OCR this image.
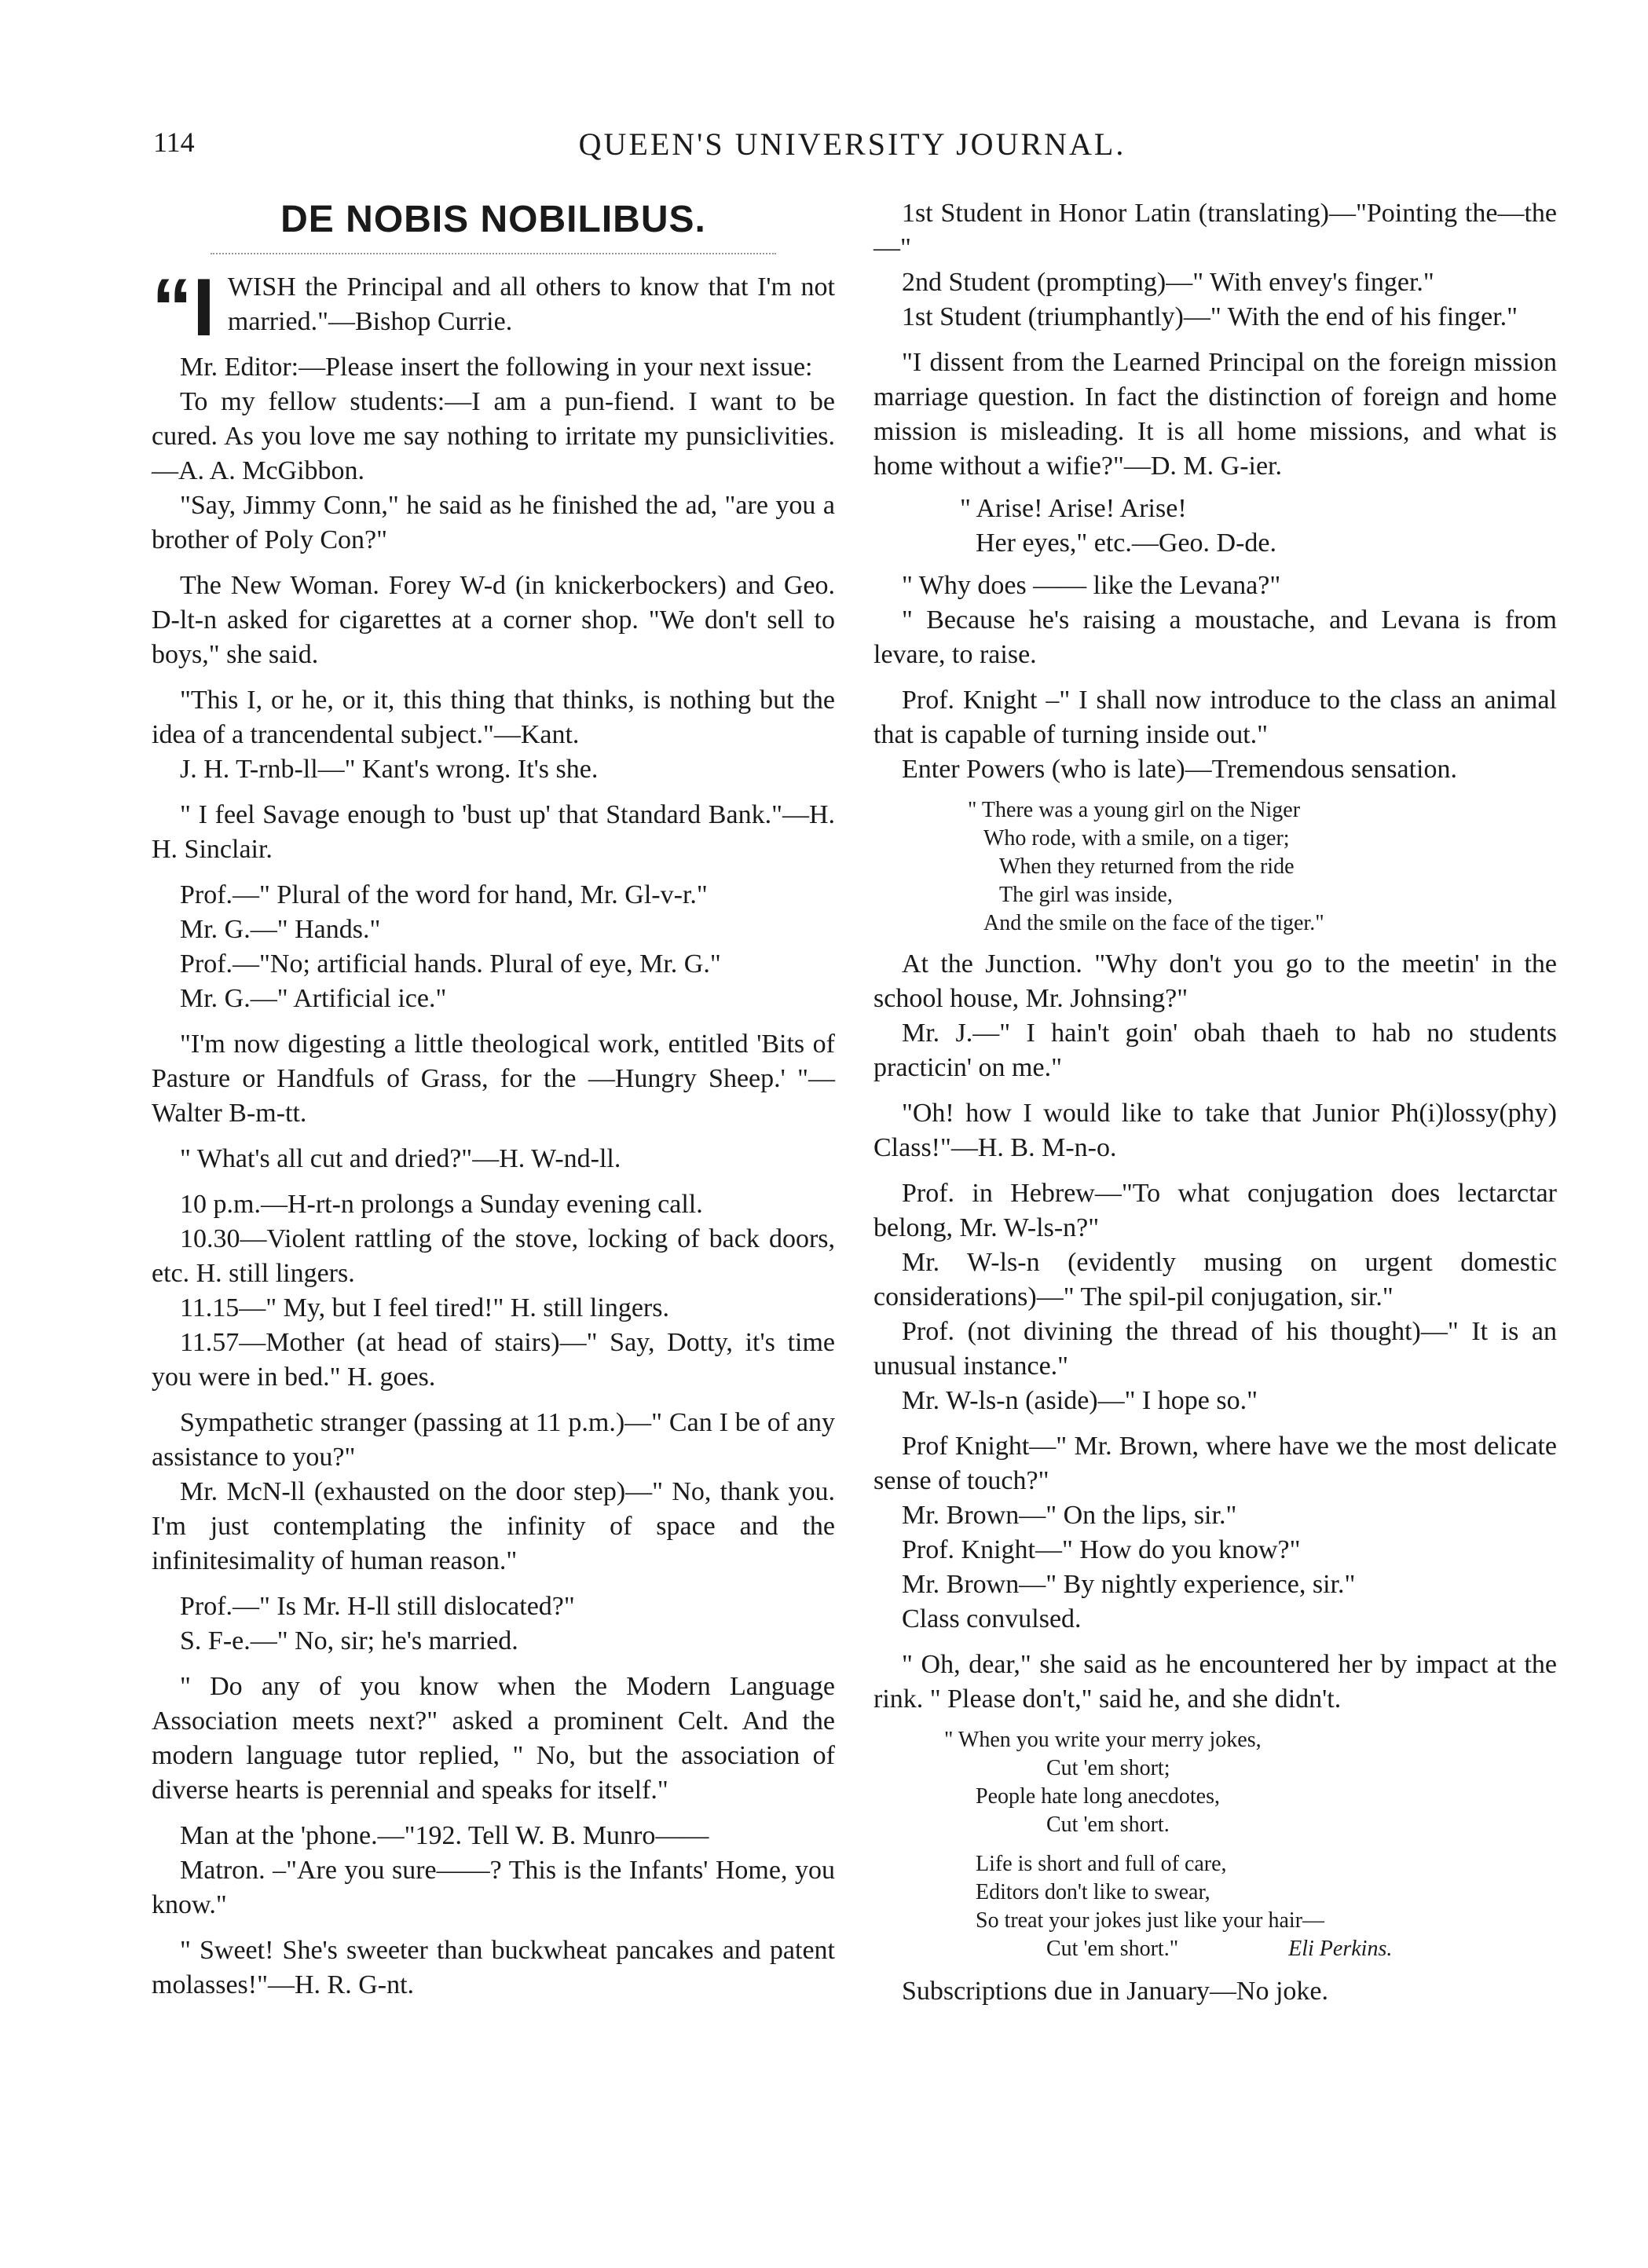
114	QUEEN'S UNIVERSITY JOURNAL.
DE NOBIS NOBILIBUS.

“IWISH the Principal and all others to know that I'm not married."—Bishop Currie.

Mr. Editor:—Please insert the following in your next issue:

To my fellow students:—I am a pun-fiend. I want to be cured. As you love me say nothing to irritate my punsiclivities.—A. A. McGibbon.

"Say, Jimmy Conn," he said as he finished the ad, "are you a brother of Poly Con?"

The New Woman. Forey W-d (in knickerbockers) and Geo. D-lt-n asked for cigarettes at a corner shop. "We don't sell to boys," she said.

"This I, or he, or it, this thing that thinks, is nothing but the idea of a trancendental subject."—Kant.

J. H. T-rnb-ll—" Kant's wrong. It's she.

" I feel Savage enough to 'bust up' that Standard Bank."—H. H. Sinclair.

Prof.—" Plural of the word for hand, Mr. Gl-v-r."

Mr. G.—" Hands."

Prof.—"No; artificial hands. Plural of eye, Mr. G."

Mr. G.—" Artificial ice."

"I'm now digesting a little theological work, entitled 'Bits of Pasture or Handfuls of Grass, for the —Hungry Sheep.' "—Walter B-m-tt.

" What's all cut and dried?"—H. W-nd-ll.

10 p.m.—H-rt-n prolongs a Sunday evening call.

10.30—Violent rattling of the stove, locking of back doors, etc. H. still lingers.

11.15—" My, but I feel tired!" H. still lingers.

11.57—Mother (at head of stairs)—" Say, Dotty, it's time you were in bed." H. goes.

Sympathetic stranger (passing at 11 p.m.)—" Can I be of any assistance to you?"

Mr. McN-ll (exhausted on the door step)—" No, thank you. I'm just contemplating the infinity of space and the infinitesimality of human reason."

Prof.—" Is Mr. H-ll still dislocated?"

S. F-e.—" No, sir; he's married.

" Do any of you know when the Modern Language Association meets next?" asked a prominent Celt. And the modern language tutor replied, " No, but the association of diverse hearts is perennial and speaks for itself."

Man at the 'phone.—"192. Tell W. B. Munro——

Matron. –"Are you sure——? This is the Infants' Home, you know."

" Sweet! She's sweeter than buckwheat pancakes and patent molasses!"—H. R. G-nt.

1st Student in Honor Latin (translating)—"Pointing the—the—"

2nd Student (prompting)—" With envey's finger."

1st Student (triumphantly)—" With the end of his finger."

"I dissent from the Learned Principal on the foreign mission marriage question. In fact the distinction of foreign and home mission is misleading. It is all home missions, and what is home without a wifie?"—D. M. G-ier.

" Arise! Arise! Arise!
Her eyes," etc.—Geo. D-de.

" Why does —— like the Levana?"

" Because he's raising a moustache, and Levana is from levare, to raise.

Prof. Knight –" I shall now introduce to the class an animal that is capable of turning inside out."

Enter Powers (who is late)—Tremendous sensation.

" There was a young girl on the Niger
Who rode, with a smile, on a tiger;
When they returned from the ride
The girl was inside,
And the smile on the face of the tiger."

At the Junction. "Why don't you go to the meetin' in the school house, Mr. Johnsing?"

Mr. J.—" I hain't goin' obah thaeh to hab no students practicin' on me."

"Oh! how I would like to take that Junior Ph(i)lossy(phy) Class!"—H. B. M-n-o.

Prof. in Hebrew—"To what conjugation does lectarctar belong, Mr. W-ls-n?"

Mr. W-ls-n (evidently musing on urgent domestic considerations)—" The spil-pil conjugation, sir."

Prof. (not divining the thread of his thought)—" It is an unusual instance."

Mr. W-ls-n (aside)—" I hope so."

Prof Knight—" Mr. Brown, where have we the most delicate sense of touch?"

Mr. Brown—" On the lips, sir."

Prof. Knight—" How do you know?"

Mr. Brown—" By nightly experience, sir."

Class convulsed.

" Oh, dear," she said as he encountered her by impact at the rink. " Please don't," said he, and she didn't.

" When you write your merry jokes,
Cut 'em short;
People hate long anecdotes,
Cut 'em short.
Life is short and full of care,
Editors don't like to swear,
So treat your jokes just like your hair—
Cut 'em short."	Eli Perkins.

Subscriptions due in January—No joke.
